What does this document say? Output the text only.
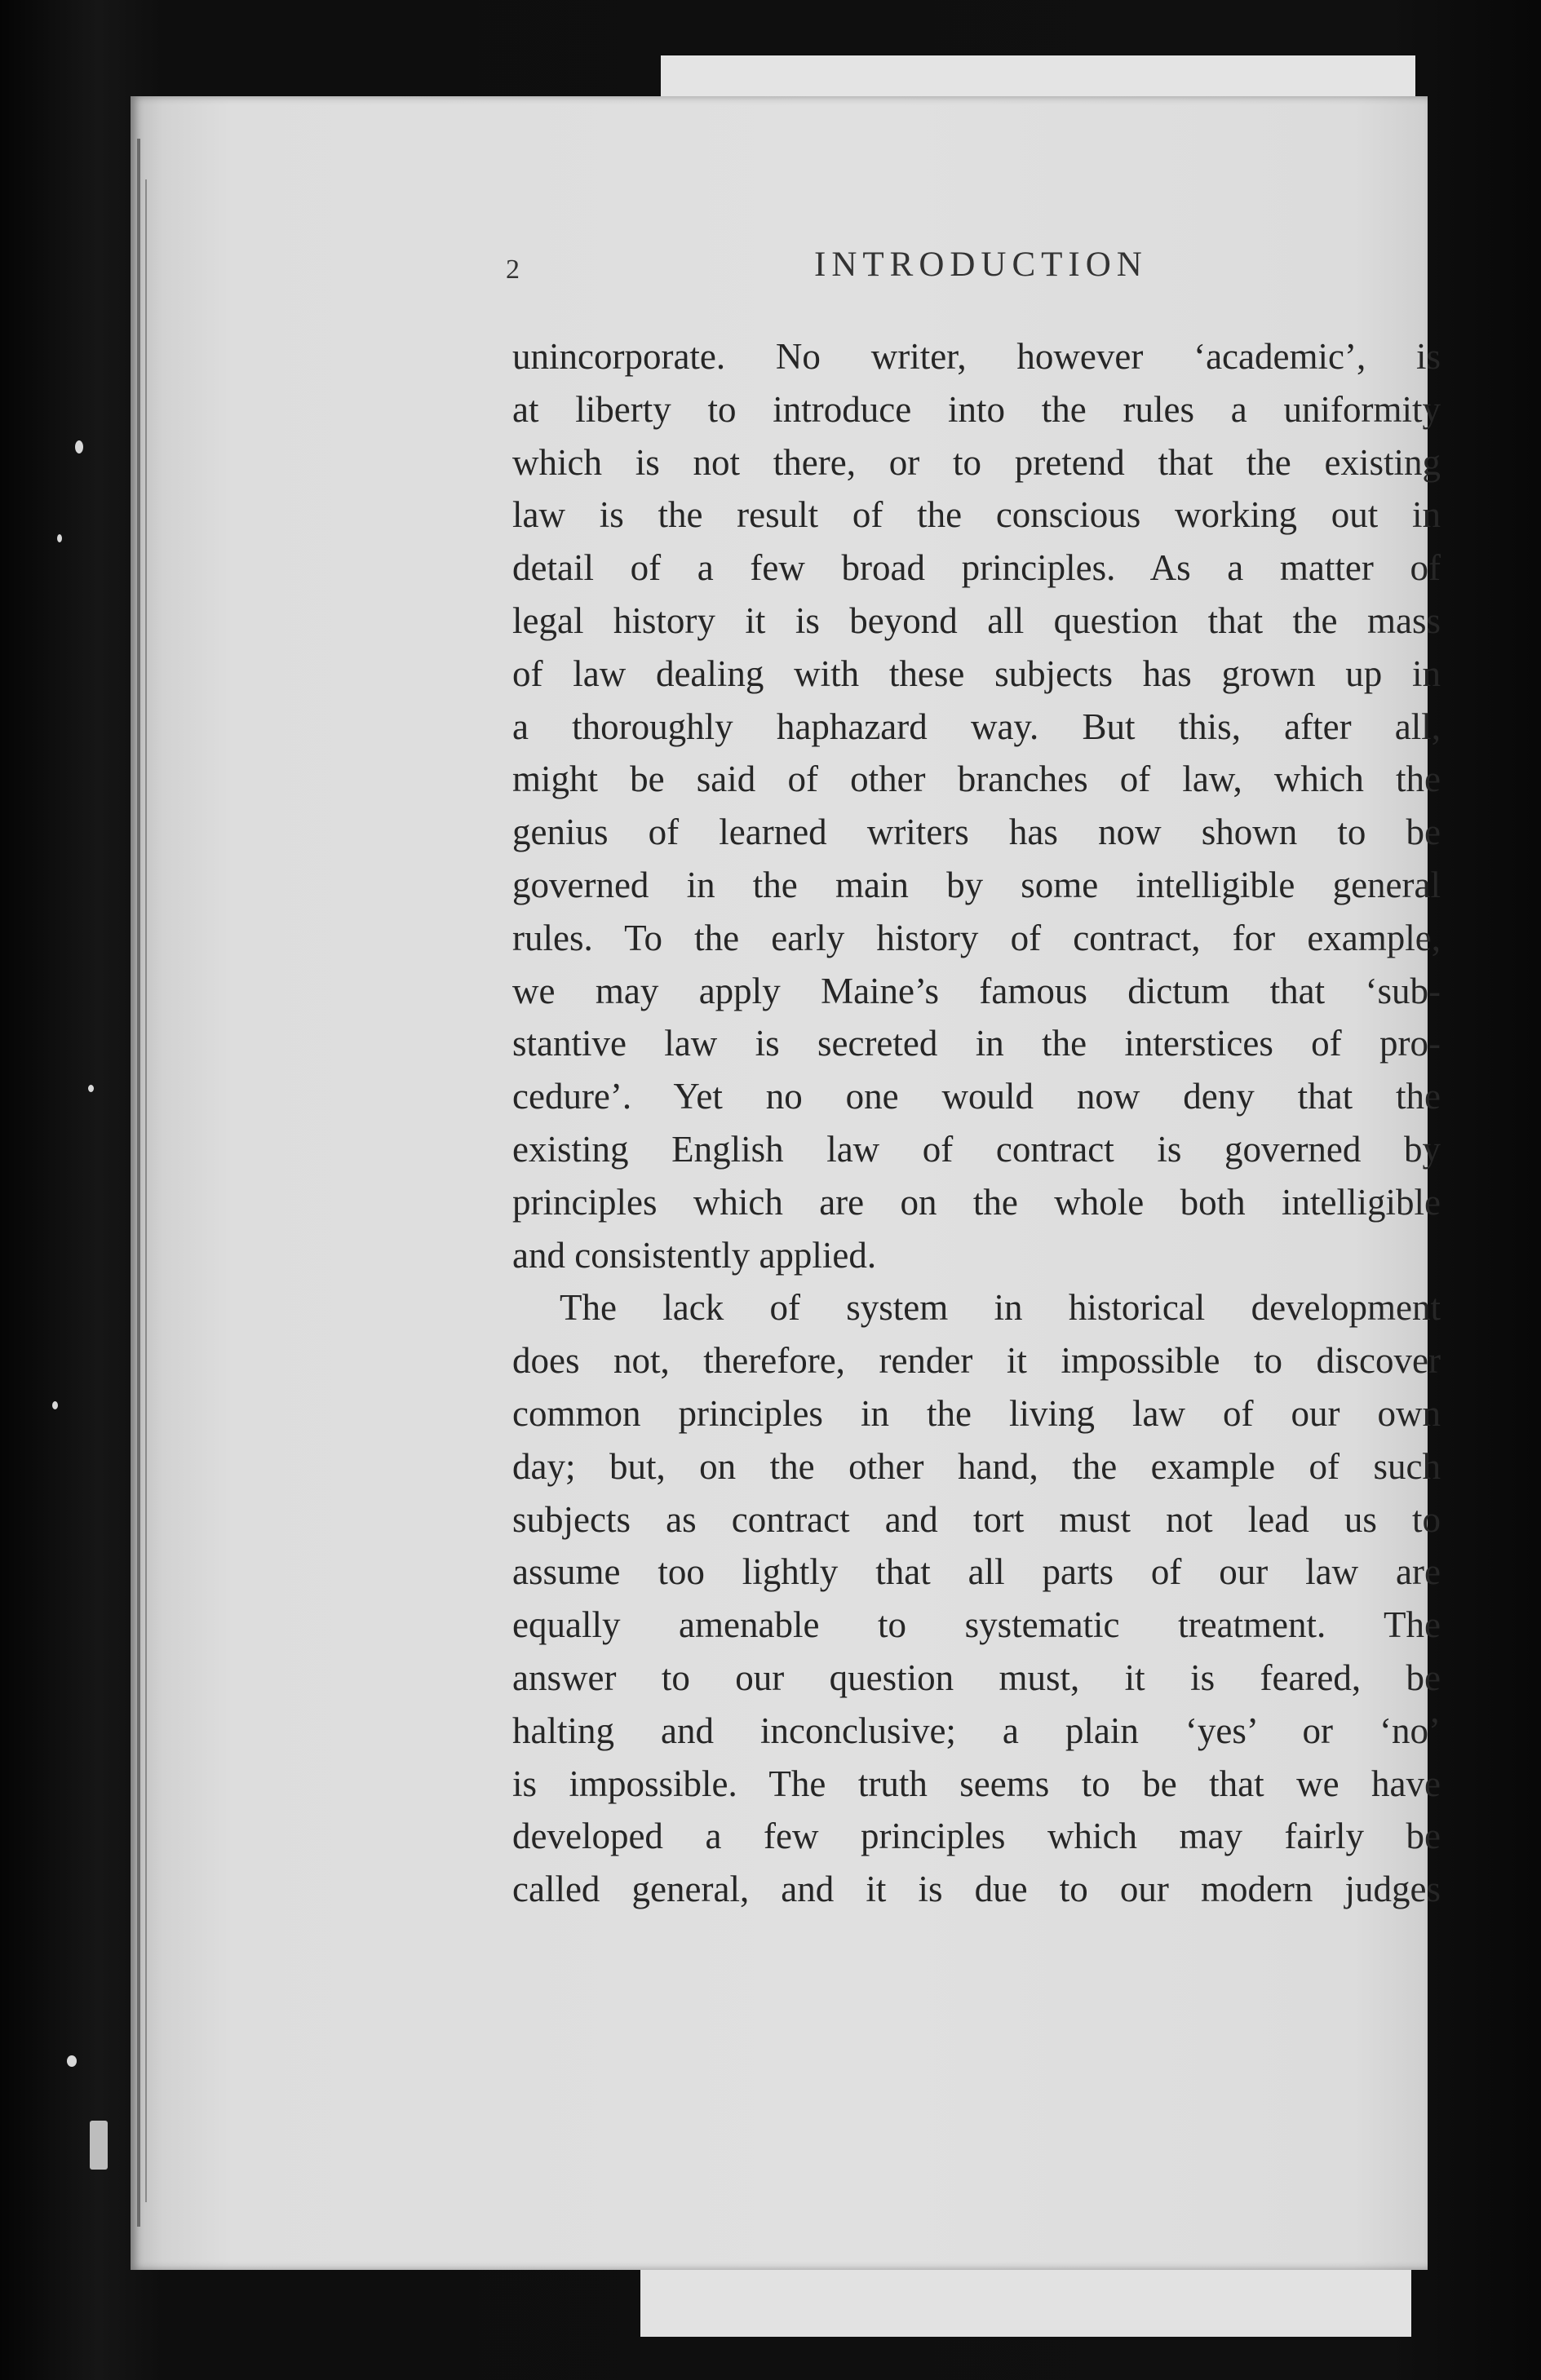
2	INTRODUCTION
unincorporate. No writer, however ‘academic’, is
at liberty to introduce into the rules a uniformity
which is not there, or to pretend that the existing
law is the result of the conscious working out in
detail of a few broad principles. As a matter of
legal history it is beyond all question that the mass
of law dealing with these subjects has grown up in
a thoroughly haphazard way. But this, after all,
might be said of other branches of law, which the
genius of learned writers has now shown to be
governed in the main by some intelligible general
rules. To the early history of contract, for example,
we may apply Maine’s famous dictum that ‘sub-
stantive law is secreted in the interstices of pro-
cedure’. Yet no one would now deny that the
existing English law of contract is governed by
principles which are on the whole both intelligible
and consistently applied.
The lack of system in historical development
does not, therefore, render it impossible to discover
common principles in the living law of our own
day; but, on the other hand, the example of such
subjects as contract and tort must not lead us to
assume too lightly that all parts of our law are
equally amenable to systematic treatment. The
answer to our question must, it is feared, be
halting and inconclusive; a plain ‘yes’ or ‘no’
is impossible. The truth seems to be that we have
developed a few principles which may fairly be
called general, and it is due to our modern judges
